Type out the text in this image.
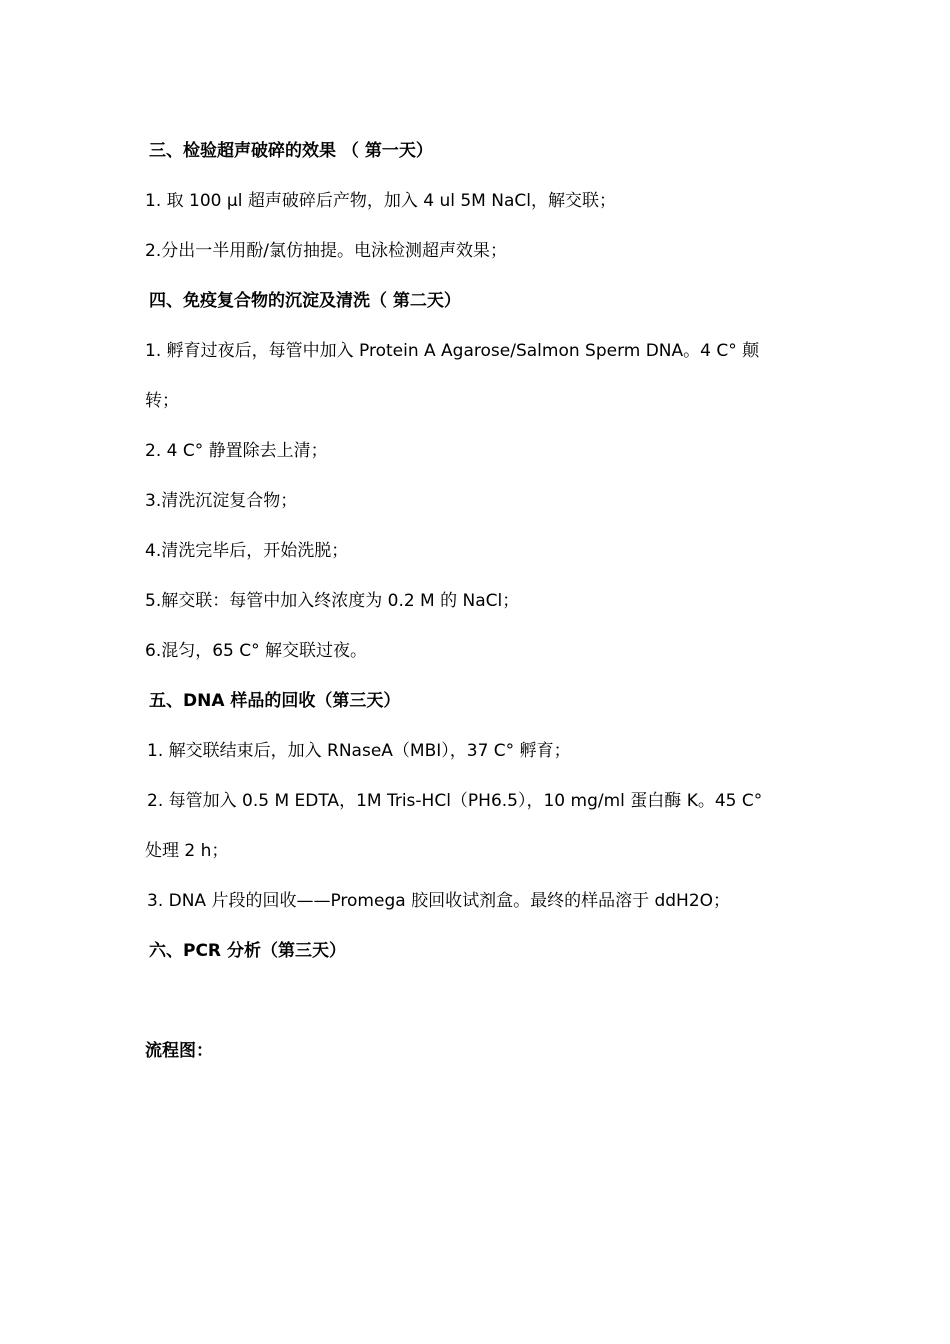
三、检验超声破碎的效果 （ 第一天）
1. 取 100 μl 超声破碎后产物，加入 4 ul 5M NaCl，解交联；
2.分出一半用酚/氯仿抽提。电泳检测超声效果；
四、免疫复合物的沉淀及清洗（ 第二天）
1. 孵育过夜后，每管中加入 Protein A Agarose/Salmon Sperm DNA。4 C° 颠
转；
2. 4 C° 静置除去上清；
3.清洗沉淀复合物；
4.清洗完毕后，开始洗脱；
5.解交联：每管中加入终浓度为 0.2 M 的 NaCl；
6.混匀，65 C° 解交联过夜。
五、DNA 样品的回收（第三天）
1. 解交联结束后，加入 RNaseA（MBI），37 C° 孵育；
2. 每管加入 0.5 M EDTA，1M Tris-HCl（PH6.5），10 mg/ml 蛋白酶 K。45 C°
处理 2 h；
3. DNA 片段的回收——Promega 胶回收试剂盒。最终的样品溶于 ddH2O；
六、PCR 分析（第三天）
流程图：
